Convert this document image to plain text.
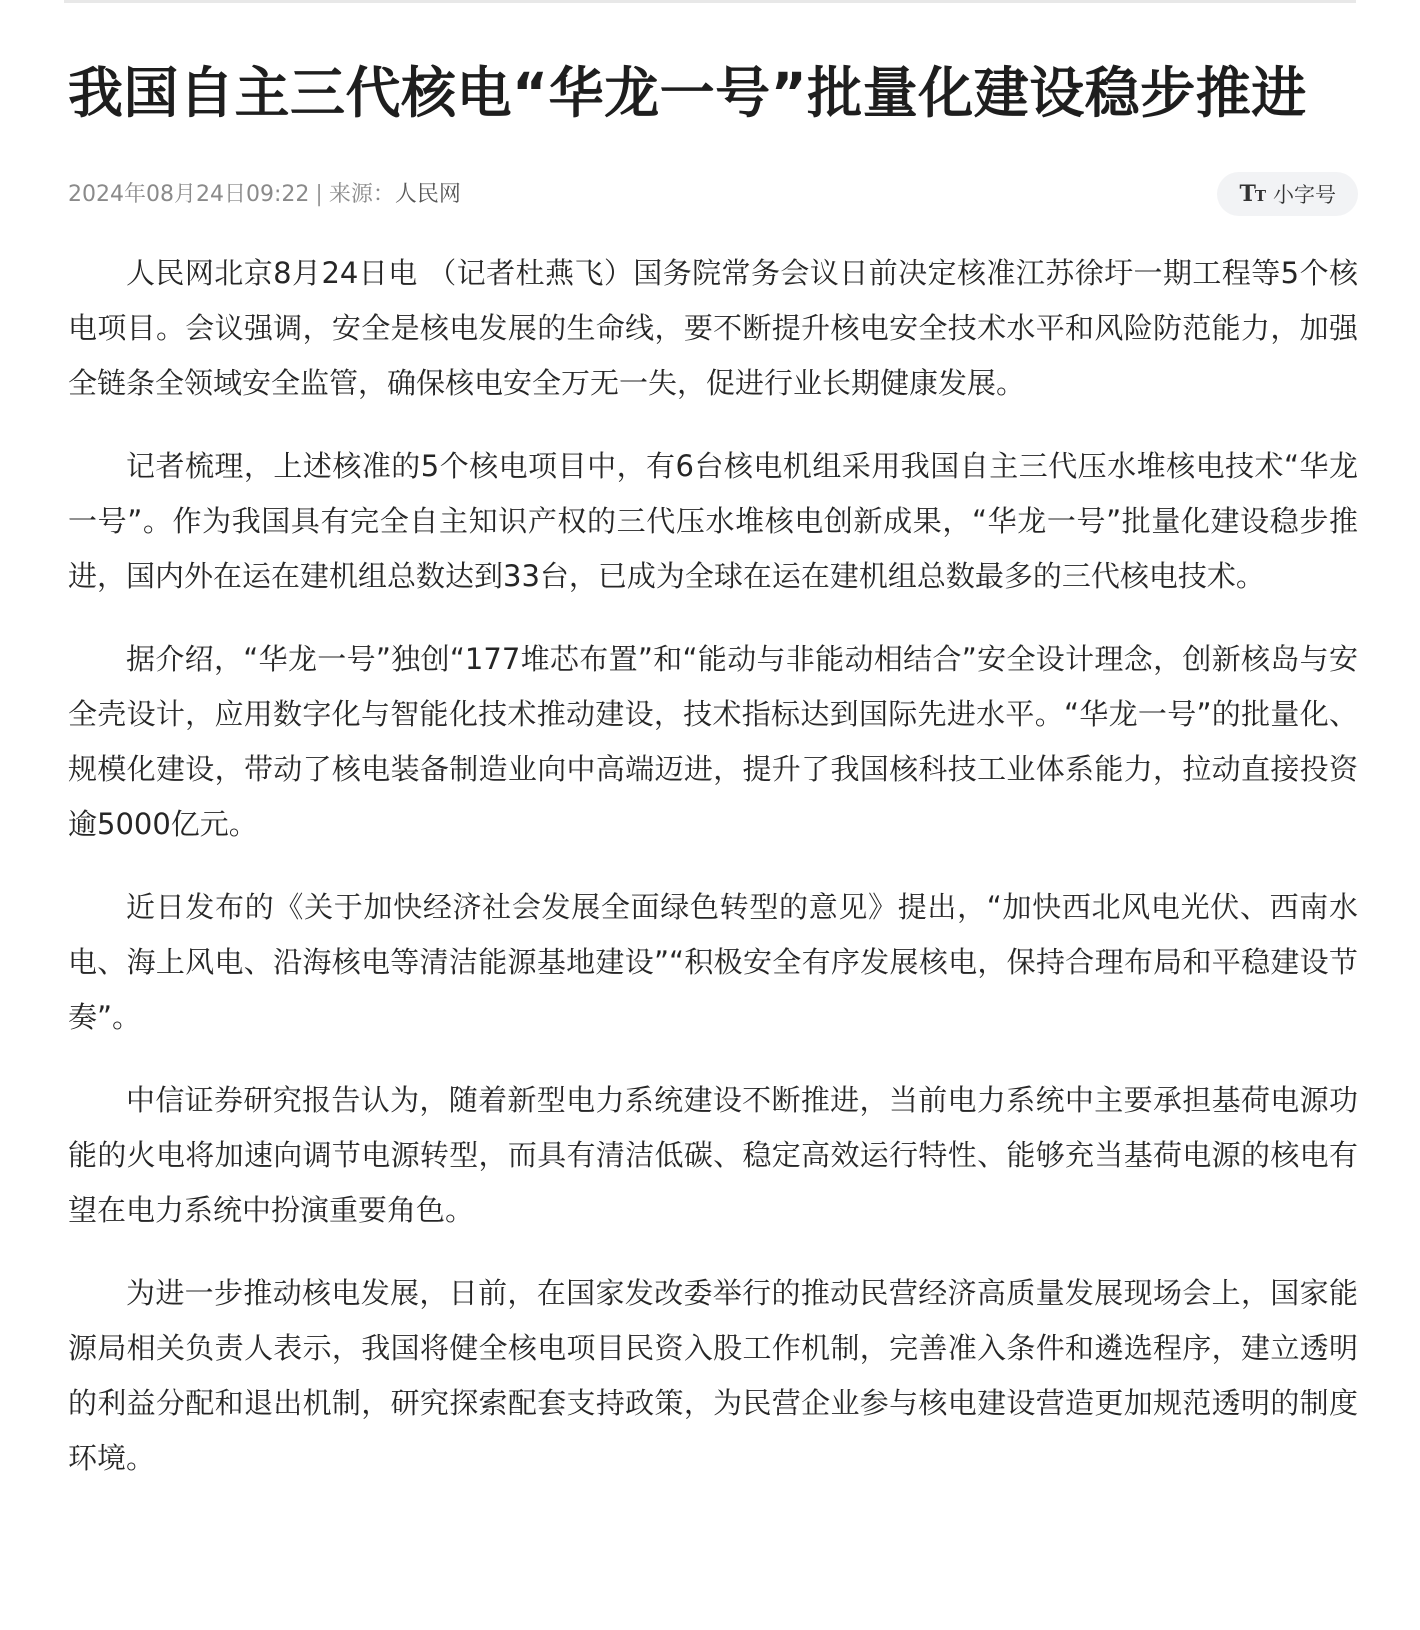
我国自主三代核电“华龙一号”批量化建设稳步推进
2024年08月24日09:22 | 来源：人民网	TT 小字号

人民网北京8月24日电 （记者杜燕飞）国务院常务会议日前决定核准江苏徐圩一期工程等5个核电项目。会议强调，安全是核电发展的生命线，要不断提升核电安全技术水平和风险防范能力，加强全链条全领域安全监管，确保核电安全万无一失，促进行业长期健康发展。

记者梳理，上述核准的5个核电项目中，有6台核电机组采用我国自主三代压水堆核电技术“华龙一号”。作为我国具有完全自主知识产权的三代压水堆核电创新成果，“华龙一号”批量化建设稳步推进，国内外在运在建机组总数达到33台，已成为全球在运在建机组总数最多的三代核电技术。

据介绍，“华龙一号”独创“177堆芯布置”和“能动与非能动相结合”安全设计理念，创新核岛与安全壳设计，应用数字化与智能化技术推动建设，技术指标达到国际先进水平。“华龙一号”的批量化、规模化建设，带动了核电装备制造业向中高端迈进，提升了我国核科技工业体系能力，拉动直接投资逾5000亿元。

近日发布的《关于加快经济社会发展全面绿色转型的意见》提出，“加快西北风电光伏、西南水电、海上风电、沿海核电等清洁能源基地建设”“积极安全有序发展核电，保持合理布局和平稳建设节奏”。

中信证券研究报告认为，随着新型电力系统建设不断推进，当前电力系统中主要承担基荷电源功能的火电将加速向调节电源转型，而具有清洁低碳、稳定高效运行特性、能够充当基荷电源的核电有望在电力系统中扮演重要角色。

为进一步推动核电发展，日前，在国家发改委举行的推动民营经济高质量发展现场会上，国家能源局相关负责人表示，我国将健全核电项目民资入股工作机制，完善准入条件和遴选程序，建立透明的利益分配和退出机制，研究探索配套支持政策，为民营企业参与核电建设营造更加规范透明的制度环境。
